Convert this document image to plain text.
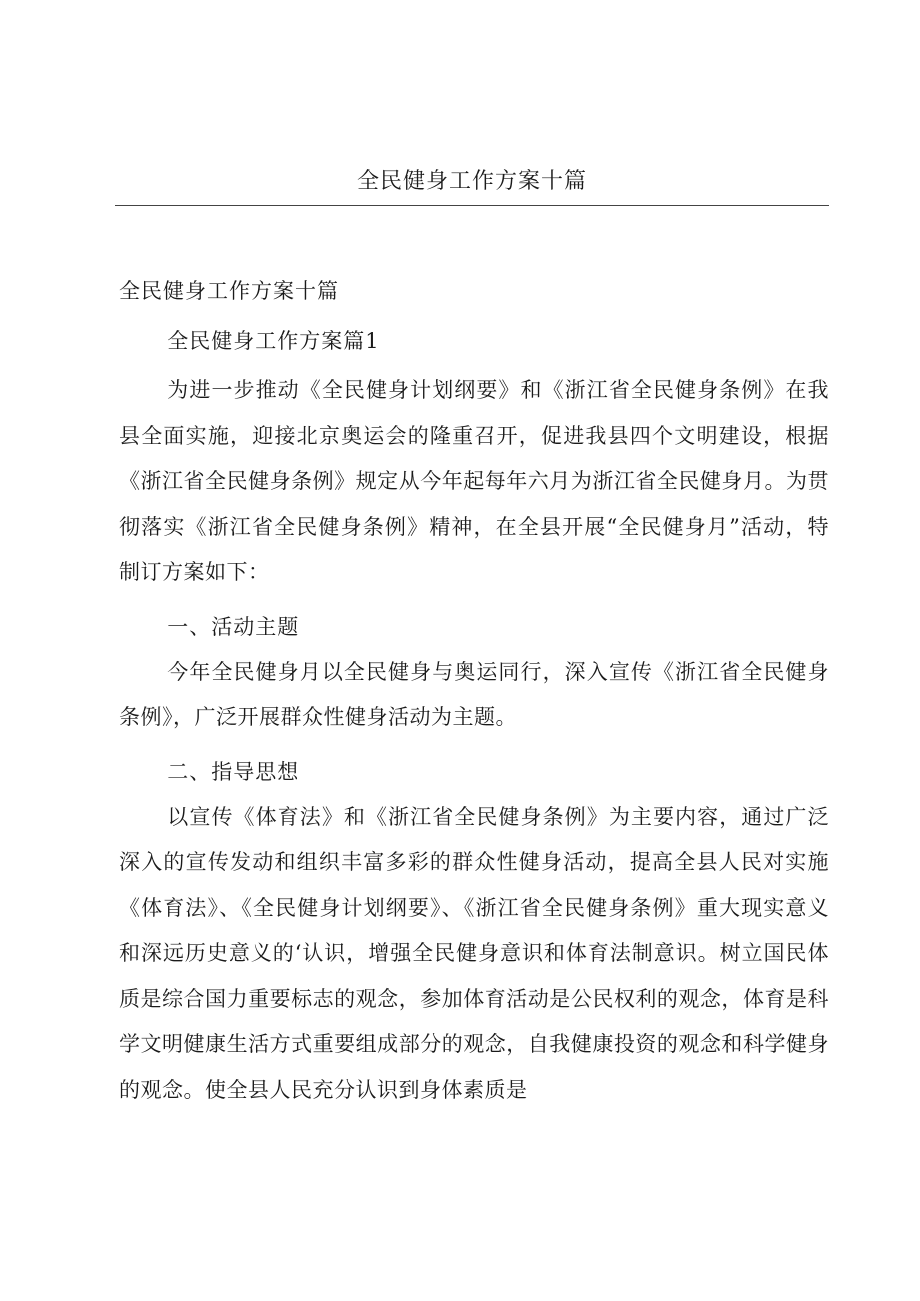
全民健身工作方案十篇

全民健身工作方案十篇

全民健身工作方案篇1

为进一步推动《全民健身计划纲要》和《浙江省全民健身条例》在我县全面实施，迎接北京奥运会的隆重召开，促进我县四个文明建设，根据《浙江省全民健身条例》规定从今年起每年六月为浙江省全民健身月。为贯彻落实《浙江省全民健身条例》精神，在全县开展“全民健身月”活动，特制订方案如下：

一、活动主题

今年全民健身月以全民健身与奥运同行，深入宣传《浙江省全民健身条例》，广泛开展群众性健身活动为主题。

二、指导思想

以宣传《体育法》和《浙江省全民健身条例》为主要内容，通过广泛深入的宣传发动和组织丰富多彩的群众性健身活动，提高全县人民对实施《体育法》、《全民健身计划纲要》、《浙江省全民健身条例》重大现实意义和深远历史意义的‘认识，增强全民健身意识和体育法制意识。树立国民体质是综合国力重要标志的观念，参加体育活动是公民权利的观念，体育是科学文明健康生活方式重要组成部分的观念，自我健康投资的观念和科学健身的观念。使全县人民充分认识到身体素质是
